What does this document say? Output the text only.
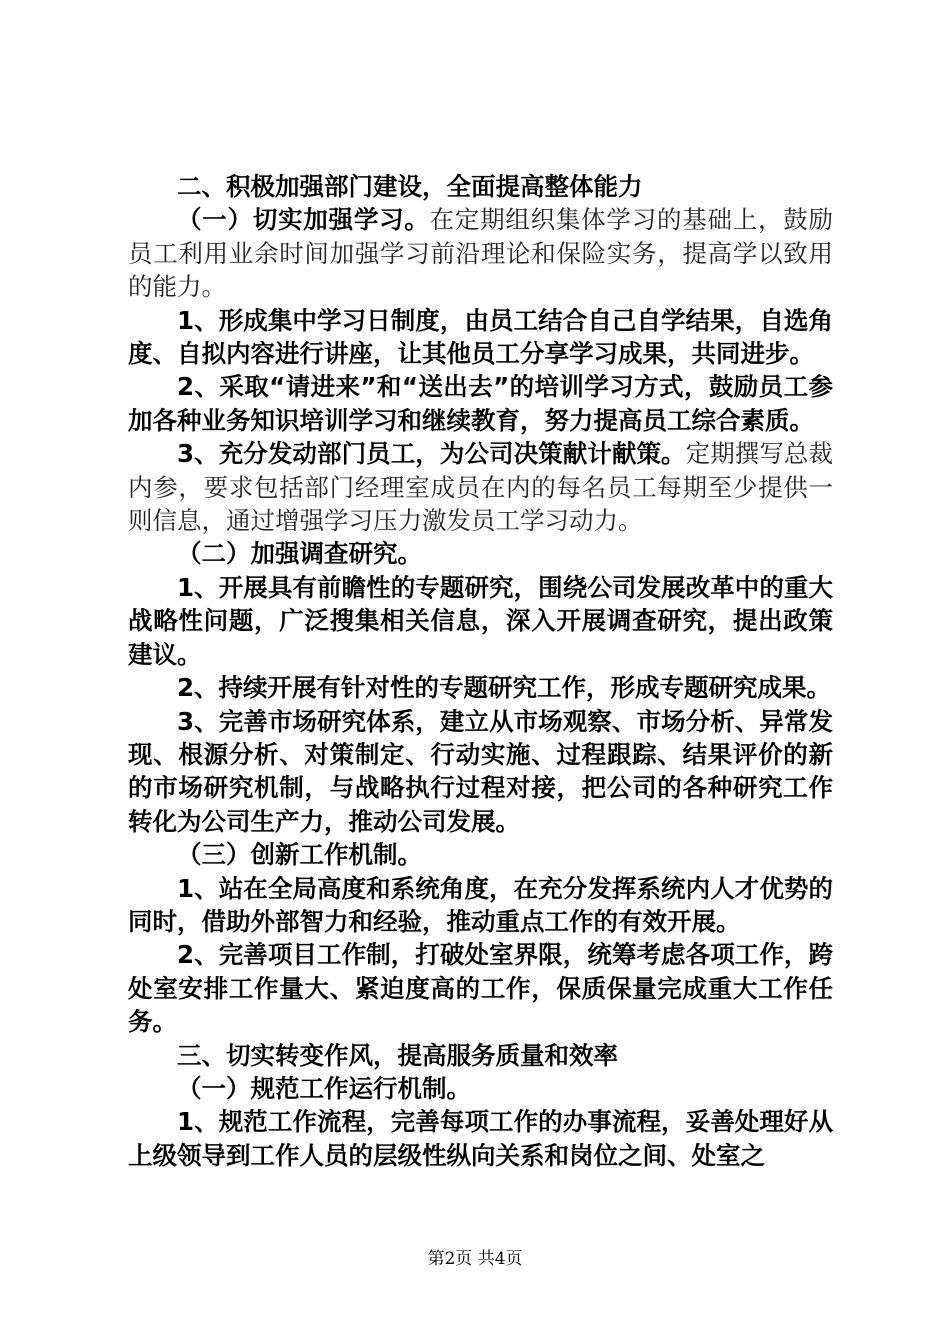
二、积极加强部门建设，全面提高整体能力

（一）切实加强学习。在定期组织集体学习的基础上，鼓励员工利用业余时间加强学习前沿理论和保险实务，提高学以致用的能力。

1、形成集中学习日制度，由员工结合自己自学结果，自选角度、自拟内容进行讲座，让其他员工分享学习成果，共同进步。

2、采取“请进来”和“送出去”的培训学习方式，鼓励员工参加各种业务知识培训学习和继续教育，努力提高员工综合素质。

3、充分发动部门员工，为公司决策献计献策。定期撰写总裁内参，要求包括部门经理室成员在内的每名员工每期至少提供一则信息，通过增强学习压力激发员工学习动力。

（二）加强调查研究。

1、开展具有前瞻性的专题研究，围绕公司发展改革中的重大战略性问题，广泛搜集相关信息，深入开展调查研究，提出政策建议。

2、持续开展有针对性的专题研究工作，形成专题研究成果。

3、完善市场研究体系，建立从市场观察、市场分析、异常发现、根源分析、对策制定、行动实施、过程跟踪、结果评价的新的市场研究机制，与战略执行过程对接，把公司的各种研究工作转化为公司生产力，推动公司发展。

（三）创新工作机制。

1、站在全局高度和系统角度，在充分发挥系统内人才优势的同时，借助外部智力和经验，推动重点工作的有效开展。

2、完善项目工作制，打破处室界限，统筹考虑各项工作，跨处室安排工作量大、紧迫度高的工作，保质保量完成重大工作任务。

三、切实转变作风，提高服务质量和效率

（一）规范工作运行机制。

1、规范工作流程，完善每项工作的办事流程，妥善处理好从上级领导到工作人员的层级性纵向关系和岗位之间、处室之

第2页 共4页
